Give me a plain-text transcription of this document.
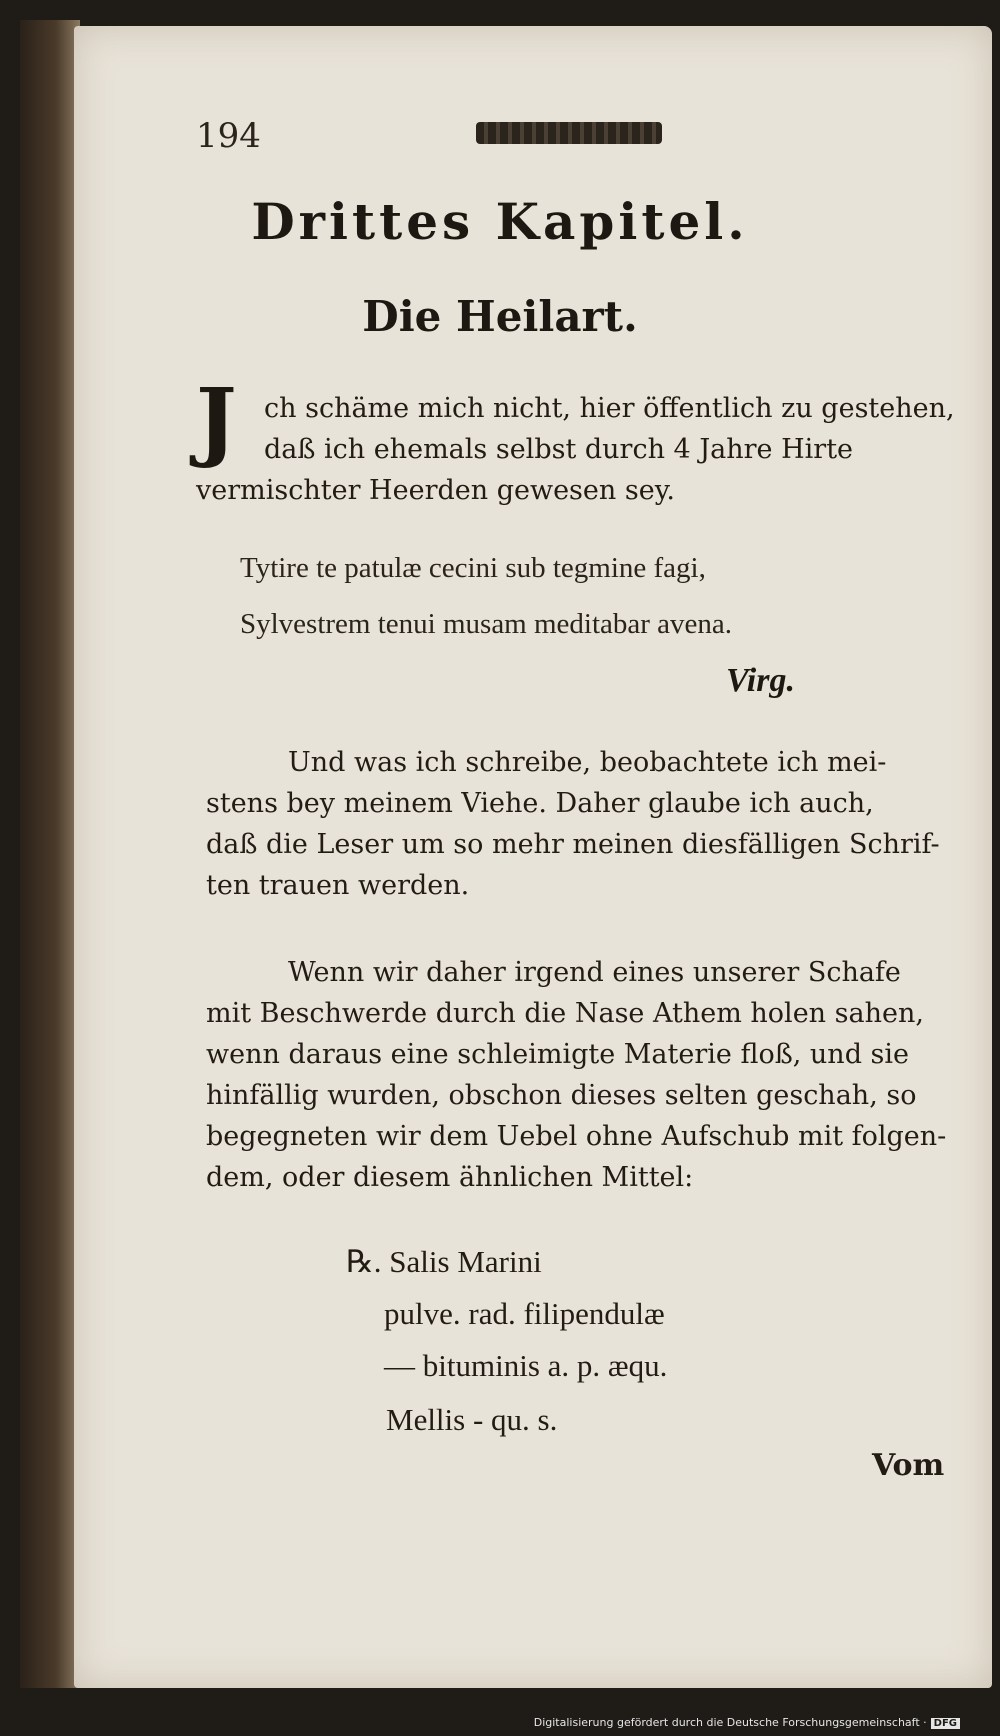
194
Drittes Kapitel.
Die Heilart.
J	ch schäme mich nicht, hier öffentlich zu gestehen,
daß ich ehemals selbst durch 4 Jahre Hirte
vermischter Heerden gewesen sey.
Tytire te patulæ cecini sub tegmine fagi,
Sylvestrem tenui musam meditabar avena.
Virg.
Und was ich schreibe, beobachtete ich mei-
stens bey meinem Viehe. Daher glaube ich auch,
daß die Leser um so mehr meinen diesfälligen Schrif-
ten trauen werden.
Wenn wir daher irgend eines unserer Schafe
mit Beschwerde durch die Nase Athem holen sahen,
wenn daraus eine schleimigte Materie floß, und sie
hinfällig wurden, obschon dieses selten geschah, so
begegneten wir dem Uebel ohne Aufschub mit folgen-
dem, oder diesem ähnlichen Mittel:
℞. Salis Marini
pulve. rad. filipendulæ
— bituminis a. p. æqu.
Mellis - qu. s.
Vom
Digitalisierung gefördert durch die Deutsche Forschungsgemeinschaft · DFG
